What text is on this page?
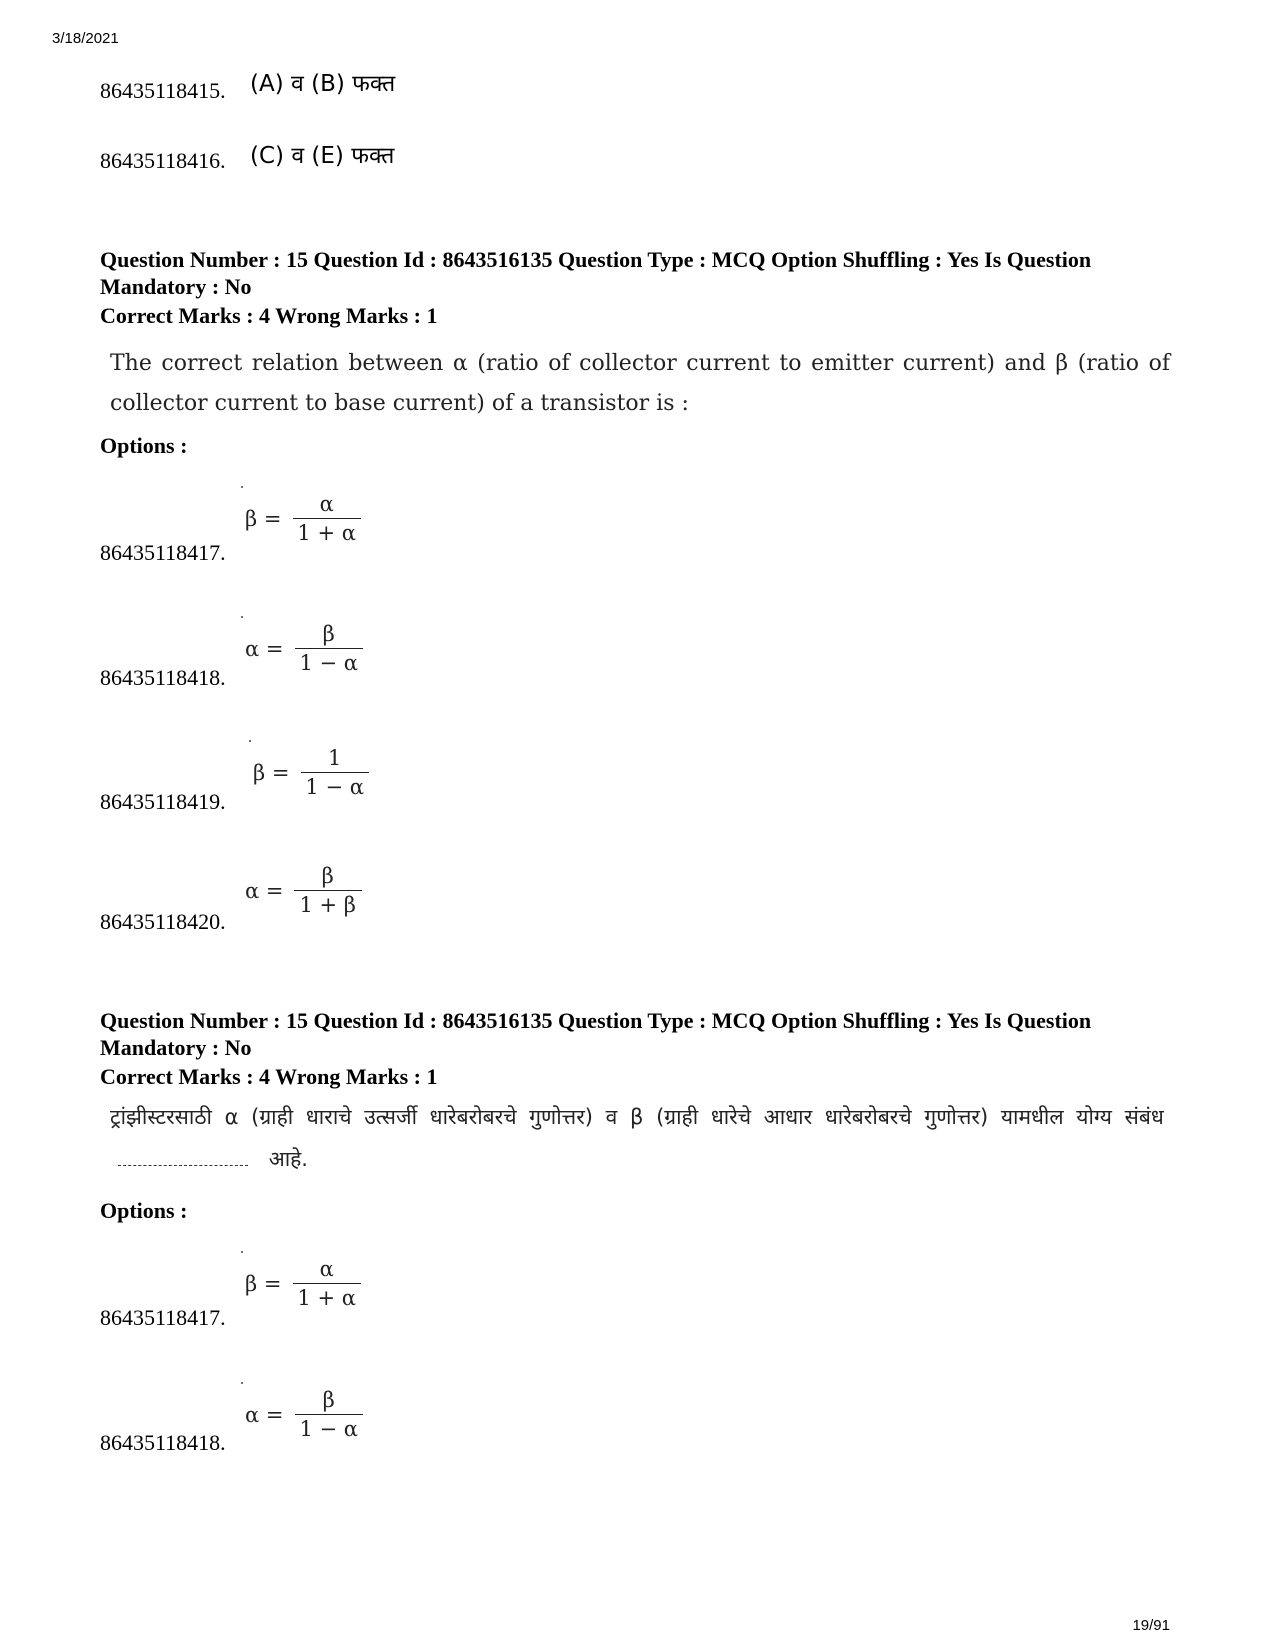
3/18/2021
19/91
86435118415. (A) व (B) फक्त
86435118416. (C) व (E) फक्त
Question Number : 15 Question Id : 8643516135 Question Type : MCQ Option Shuffling : Yes Is Question Mandatory : No
Correct Marks : 4 Wrong Marks : 1
The correct relation between α (ratio of collector current to emitter current) and β (ratio of collector current to base current) of a transistor is :
Options :
$\beta = \frac{\alpha}{1 + \alpha}$
86435118417.
$\alpha = \frac{\beta}{1 - \alpha}$
86435118418.
$\beta = \frac{1}{1 - \alpha}$
86435118419.
$\alpha = \frac{\beta}{1 + \beta}$
86435118420.
Question Number : 15 Question Id : 8643516135 Question Type : MCQ Option Shuffling : Yes Is Question Mandatory : No
Correct Marks : 4 Wrong Marks : 1
ट्रांझीस्टरसाठी α (ग्राही धाराचे उत्सर्जी धारेबरोबरचे गुणोत्तर) व β (ग्राही धारेचे आधार धारेबरोबरचे गुणोत्तर) यामधील योग्य संबंध  आहे.
Options :
$\beta = \frac{\alpha}{1 + \alpha}$
86435118417.
$\alpha = \frac{\beta}{1 - \alpha}$
86435118418.
